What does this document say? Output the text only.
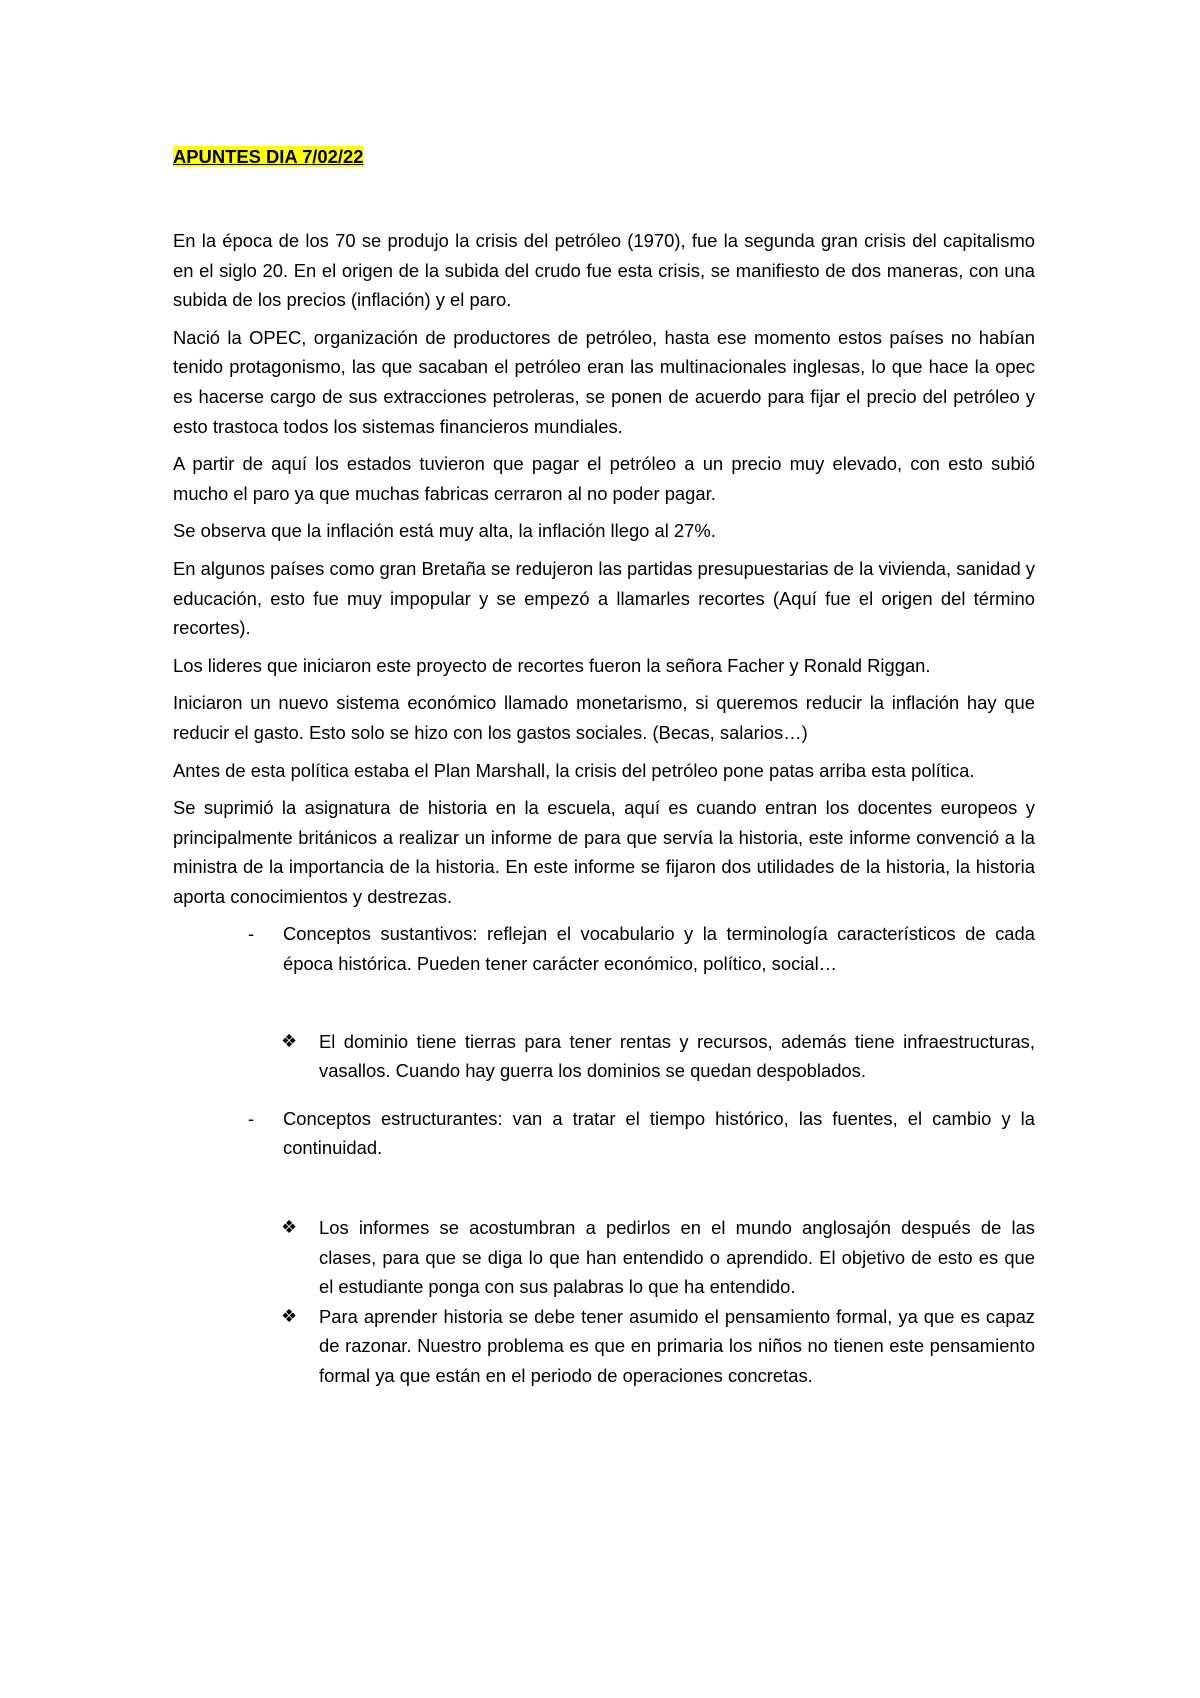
APUNTES DIA 7/02/22

En la época de los 70 se produjo la crisis del petróleo (1970), fue la segunda gran crisis del capitalismo en el siglo 20. En el origen de la subida del crudo fue esta crisis, se manifiesto de dos maneras, con una subida de los precios (inflación) y el paro.

Nació la OPEC, organización de productores de petróleo, hasta ese momento estos países no habían tenido protagonismo, las que sacaban el petróleo eran las multinacionales inglesas, lo que hace la opec es hacerse cargo de sus extracciones petroleras, se ponen de acuerdo para fijar el precio del petróleo y esto trastoca todos los sistemas financieros mundiales.

A partir de aquí los estados tuvieron que pagar el petróleo a un precio muy elevado, con esto subió mucho el paro ya que muchas fabricas cerraron al no poder pagar.

Se observa que la inflación está muy alta, la inflación llego al 27%.

En algunos países como gran Bretaña se redujeron las partidas presupuestarias de la vivienda, sanidad y educación, esto fue muy impopular y se empezó a llamarles recortes (Aquí fue el origen del término recortes).

Los lideres que iniciaron este proyecto de recortes fueron la señora Facher y Ronald Riggan.

Iniciaron un nuevo sistema económico llamado monetarismo, si queremos reducir la inflación hay que reducir el gasto. Esto solo se hizo con los gastos sociales. (Becas, salarios…)

Antes de esta política estaba el Plan Marshall, la crisis del petróleo pone patas arriba esta política.

Se suprimió la asignatura de historia en la escuela, aquí es cuando entran los docentes europeos y principalmente británicos a realizar un informe de para que servía la historia, este informe convenció a la ministra de la importancia de la historia. En este informe se fijaron dos utilidades de la historia, la historia aporta conocimientos y destrezas.

- Conceptos sustantivos: reflejan el vocabulario y la terminología característicos de cada época histórica. Pueden tener carácter económico, político, social…
❖ El dominio tiene tierras para tener rentas y recursos, además tiene infraestructuras, vasallos. Cuando hay guerra los dominios se quedan despoblados.
- Conceptos estructurantes: van a tratar el tiempo histórico, las fuentes, el cambio y la continuidad.
❖ Los informes se acostumbran a pedirlos en el mundo anglosajón después de las clases, para que se diga lo que han entendido o aprendido. El objetivo de esto es que el estudiante ponga con sus palabras lo que ha entendido.
❖ Para aprender historia se debe tener asumido el pensamiento formal, ya que es capaz de razonar. Nuestro problema es que en primaria los niños no tienen este pensamiento formal ya que están en el periodo de operaciones concretas.
